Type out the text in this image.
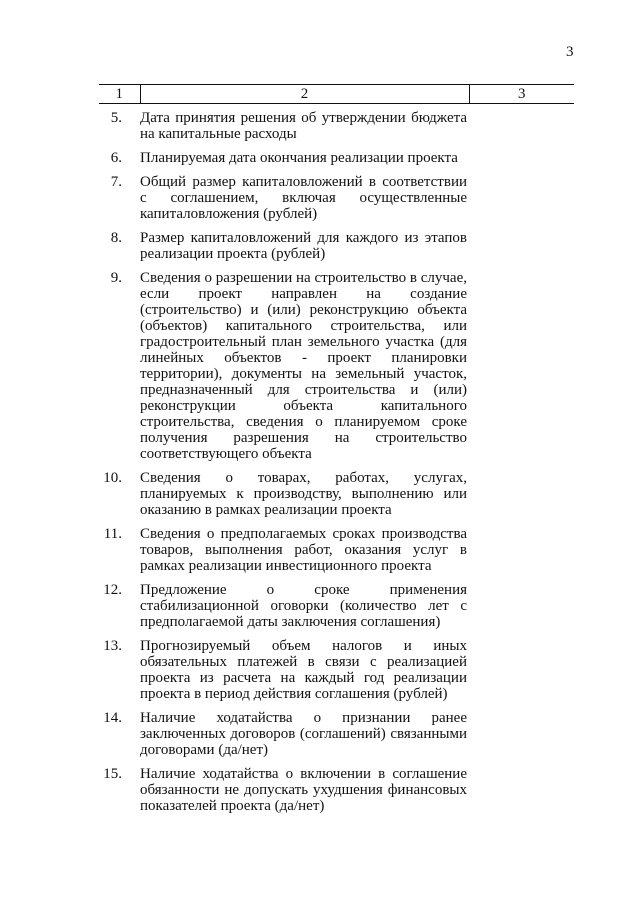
3
1	2	3
5.	Дата принятия решения об утверждении бюджета на капитальные расходы	

6.	Планируемая дата окончания реализации проекта	

7.	Общий размер капиталовложений в соответствии с соглашением, включая осуществленные капиталовложения (рублей)	

8.	Размер капиталовложений для каждого из этапов реализации проекта (рублей)	

9.	Сведения о разрешении на строительство в случае, если проект направлен на создание (строительство) и (или) реконструкцию объекта (объектов) капитального строительства, или градостроительный план земельного участка (для линейных объектов - проект планировки территории), документы на земельный участок, предназначенный для строительства и (или) реконструкции объекта капитального строительства, сведения о планируемом сроке получения разрешения на строительство соответствующего объекта	

10.	Сведения о товарах, работах, услугах, планируемых к производству, выполнению или оказанию в рамках реализации проекта	

11.	Сведения о предполагаемых сроках производства товаров, выполнения работ, оказания услуг в рамках реализации инвестиционного проекта	

12.	Предложение о сроке применения стабилизационной оговорки (количество лет с предполагаемой даты заключения соглашения)	

13.	Прогнозируемый объем налогов и иных обязательных платежей в связи с реализацией проекта из расчета на каждый год реализации проекта в период действия соглашения (рублей)	

14.	Наличие ходатайства о признании ранее заключенных договоров (соглашений) связанными договорами (да/нет)	

15.	Наличие ходатайства о включении в соглашение обязанности не допускать ухудшения финансовых показателей проекта (да/нет)	
